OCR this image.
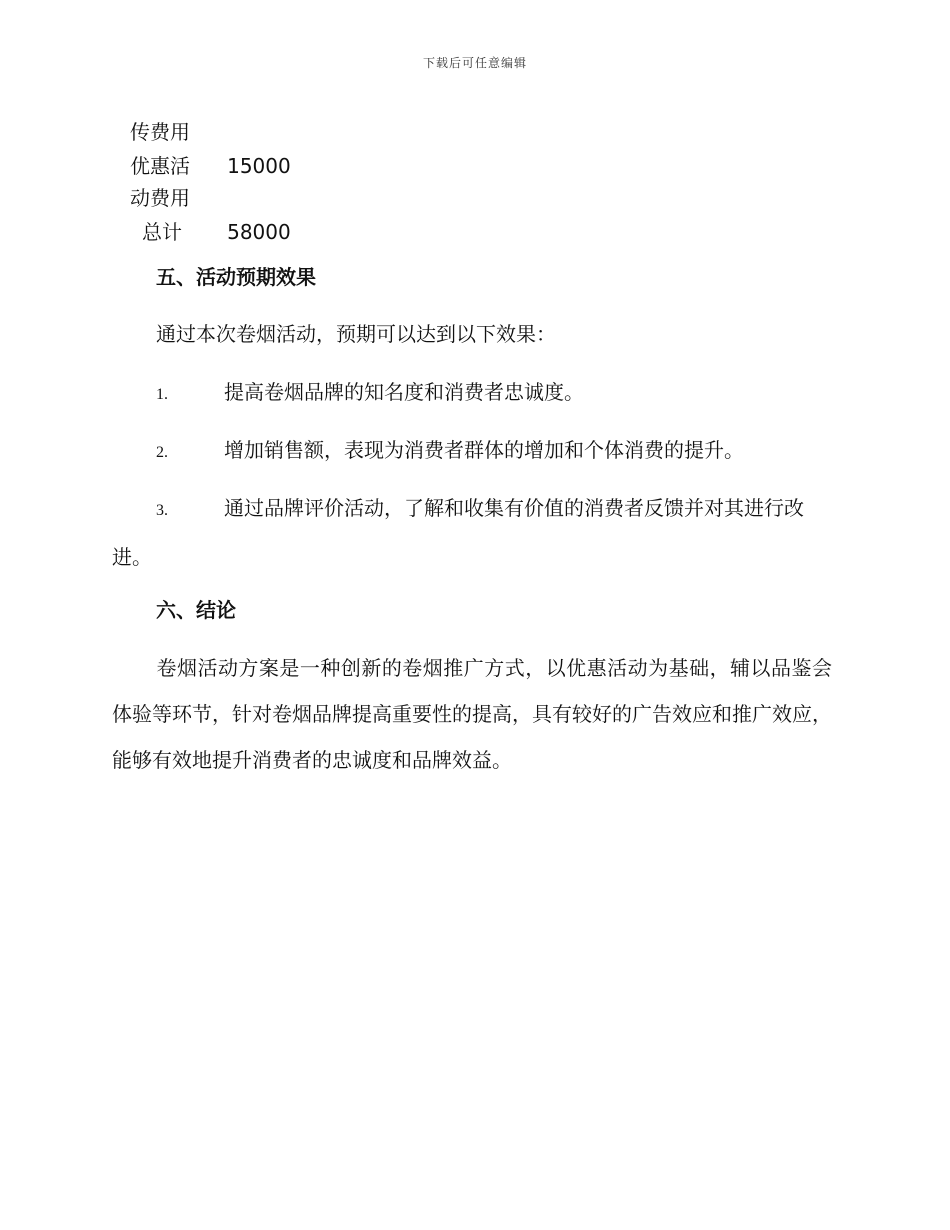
下载后可任意编辑
传费用
优惠活
动费用 15000
总计 58000
五、活动预期效果
通过本次卷烟活动，预期可以达到以下效果：
1.	提高卷烟品牌的知名度和消费者忠诚度。
2.	增加销售额，表现为消费者群体的增加和个体消费的提升。
3.	通过品牌评价活动，了解和收集有价值的消费者反馈并对其进行改进。
六、结论
卷烟活动方案是一种创新的卷烟推广方式，以优惠活动为基础，辅以品鉴会体验等环节，针对卷烟品牌提高重要性的提高，具有较好的广告效应和推广效应，能够有效地提升消费者的忠诚度和品牌效益。
